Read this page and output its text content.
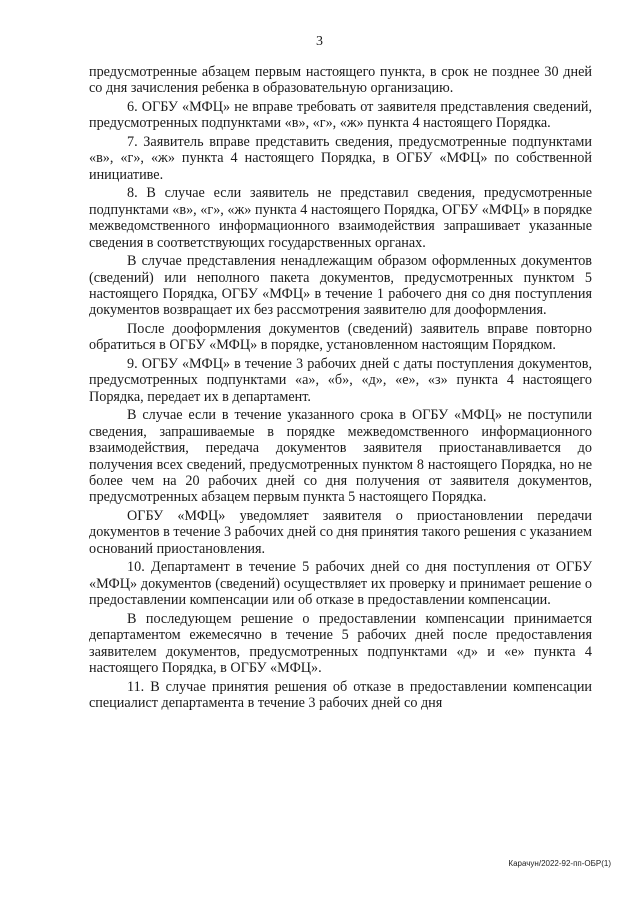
3

предусмотренные абзацем первым настоящего пункта, в срок не позднее 30 дней со дня зачисления ребенка в образовательную организацию.

6. ОГБУ «МФЦ» не вправе требовать от заявителя представления сведений, предусмотренных подпунктами «в», «г», «ж» пункта 4 настоящего Порядка.

7. Заявитель вправе представить сведения, предусмотренные подпунктами «в», «г», «ж» пункта 4 настоящего Порядка, в ОГБУ «МФЦ» по собственной инициативе.

8. В случае если заявитель не представил сведения, предусмотренные подпунктами «в», «г», «ж» пункта 4 настоящего Порядка, ОГБУ «МФЦ» в порядке межведомственного информационного взаимодействия запрашивает указанные сведения в соответствующих государственных органах.

В случае представления ненадлежащим образом оформленных документов (сведений) или неполного пакета документов, предусмотренных пунктом 5 настоящего Порядка, ОГБУ «МФЦ» в течение 1 рабочего дня со дня поступления документов возвращает их без рассмотрения заявителю для дооформления.

После дооформления документов (сведений) заявитель вправе повторно обратиться в ОГБУ «МФЦ» в порядке, установленном настоящим Порядком.

9. ОГБУ «МФЦ» в течение 3 рабочих дней с даты поступления документов, предусмотренных подпунктами «а», «б», «д», «е», «з» пункта 4 настоящего Порядка, передает их в департамент.

В случае если в течение указанного срока в ОГБУ «МФЦ» не поступили сведения, запрашиваемые в порядке межведомственного информационного взаимодействия, передача документов заявителя приостанавливается до получения всех сведений, предусмотренных пунктом 8 настоящего Порядка, но не более чем на 20 рабочих дней со дня получения от заявителя документов, предусмотренных абзацем первым пункта 5 настоящего Порядка.

ОГБУ «МФЦ» уведомляет заявителя о приостановлении передачи документов в течение 3 рабочих дней со дня принятия такого решения с указанием оснований приостановления.

10. Департамент в течение 5 рабочих дней со дня поступления от ОГБУ «МФЦ» документов (сведений) осуществляет их проверку и принимает решение о предоставлении компенсации или об отказе в предоставлении компенсации.

В последующем решение о предоставлении компенсации принимается департаментом ежемесячно в течение 5 рабочих дней после предоставления заявителем документов, предусмотренных подпунктами «д» и «е» пункта 4 настоящего Порядка, в ОГБУ «МФЦ».

11. В случае принятия решения об отказе в предоставлении компенсации специалист департамента в течение 3 рабочих дней со дня

Карачун/2022-92-пп-ОБР(1)
